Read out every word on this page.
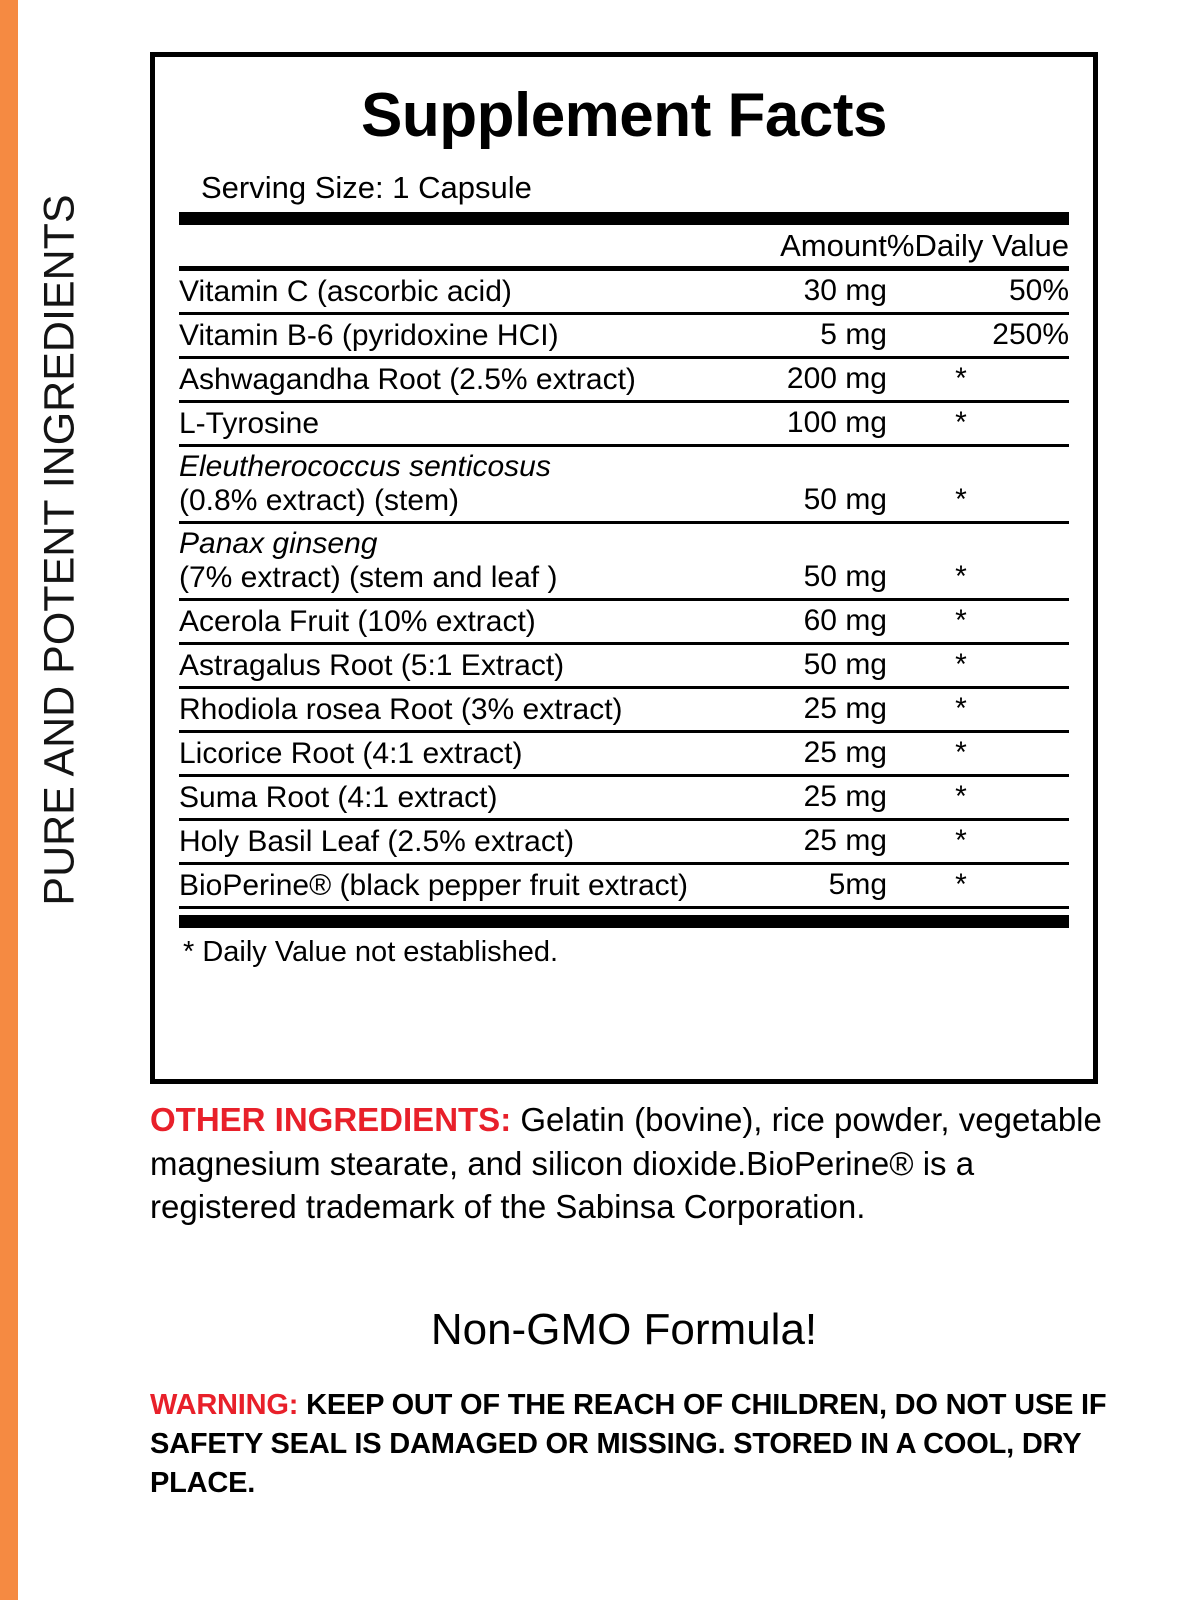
PURE AND POTENT INGREDIENTS
Supplement Facts
Serving Size: 1 Capsule
	Amount	%Daily Value
Vitamin C (ascorbic acid)	30 mg	50%
Vitamin B-6 (pyridoxine HCI)	5 mg	250%
Ashwagandha Root (2.5% extract)	200 mg	*
L-Tyrosine	100 mg	*
Eleutherococcus senticosus
(0.8% extract) (stem)	50 mg	*
Panax ginseng
(7% extract) (stem and leaf )	50 mg	*
Acerola Fruit (10% extract)	60 mg	*
Astragalus Root (5:1 Extract)	50 mg	*
Rhodiola rosea Root (3% extract)	25 mg	*
Licorice Root (4:1 extract)	25 mg	*
Suma Root (4:1 extract)	25 mg	*
Holy Basil Leaf (2.5% extract)	25 mg	*
BioPerine® (black pepper fruit extract)	5mg	*
* Daily Value not established.
OTHER INGREDIENTS: Gelatin (bovine), rice powder, vegetable magnesium stearate, and silicon dioxide.BioPerine® is a registered trademark of the Sabinsa Corporation.
Non-GMO Formula!
WARNING: KEEP OUT OF THE REACH OF CHILDREN, DO NOT USE IF SAFETY SEAL IS DAMAGED OR MISSING. STORED IN A COOL, DRY PLACE.
